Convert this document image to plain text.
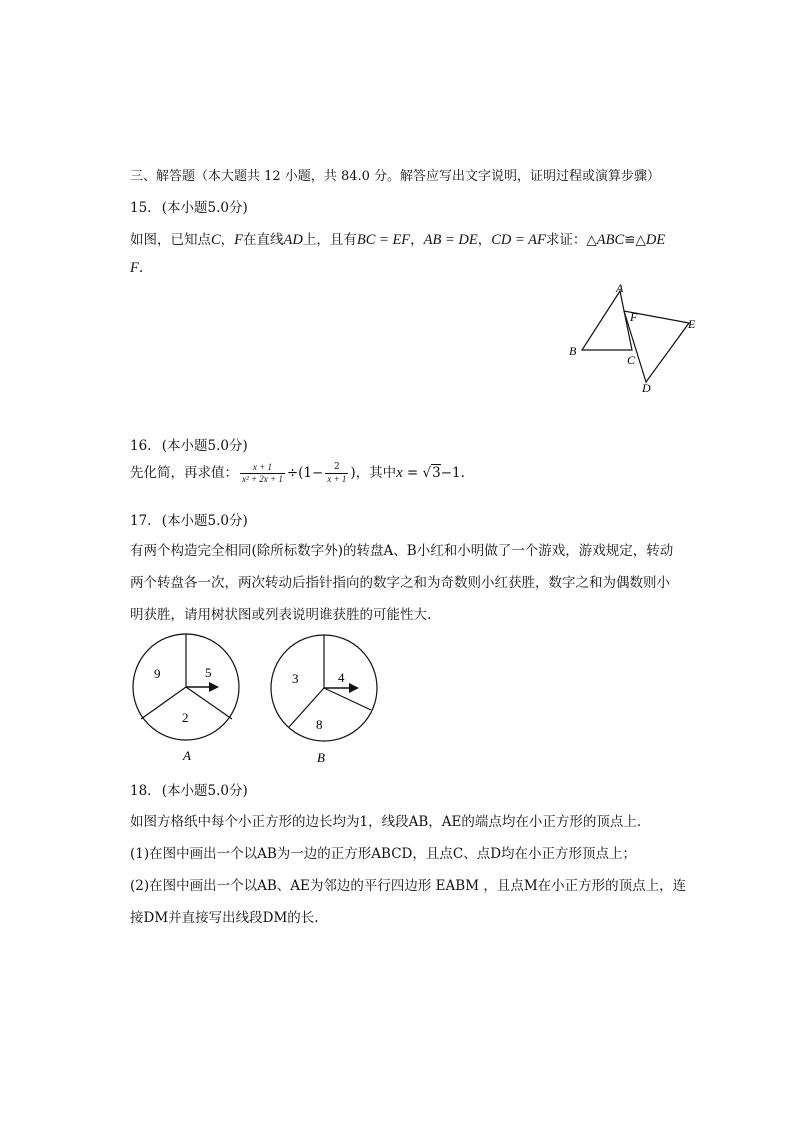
三、解答题（本大题共 12 小题，共 84.0 分。解答应写出文字说明，证明过程或演算步骤）
15. (本小题5.0分)
如图，已知点C，F在直线AD上，且有BC = EF，AB = DE，CD = AF求证：△ABC≌△DE
F.
A
B
C
D
E
F
16. (本小题5.0分)
先化简，再求值： $\frac{x + 1}{\text{x² + 2x + 1}} \div(1- \frac{2}{x + 1}$ )，其中x = √3−1.
17. (本小题5.0分)
有两个构造完全相同(除所标数字外)的转盘A、B小红和小明做了一个游戏，游戏规定，转动
两个转盘各一次，两次转动后指针指向的数字之和为奇数则小红获胜，数字之和为偶数则小
明获胜，请用树状图或列表说明谁获胜的可能性大.
9	5
2
A
3	4
8
B
18. (本小题5.0分)
如图方格纸中每个小正方形的边长均为1，线段AB，AE的端点均在小正方形的顶点上.
(1)在图中画出一个以AB为一边的正方形ABCD，且点C、点D均在小正方形顶点上；
(2)在图中画出一个以AB、AE为邻边的平行四边形 EABM ，且点M在小正方形的顶点上，连
接DM并直接写出线段DM的长.
